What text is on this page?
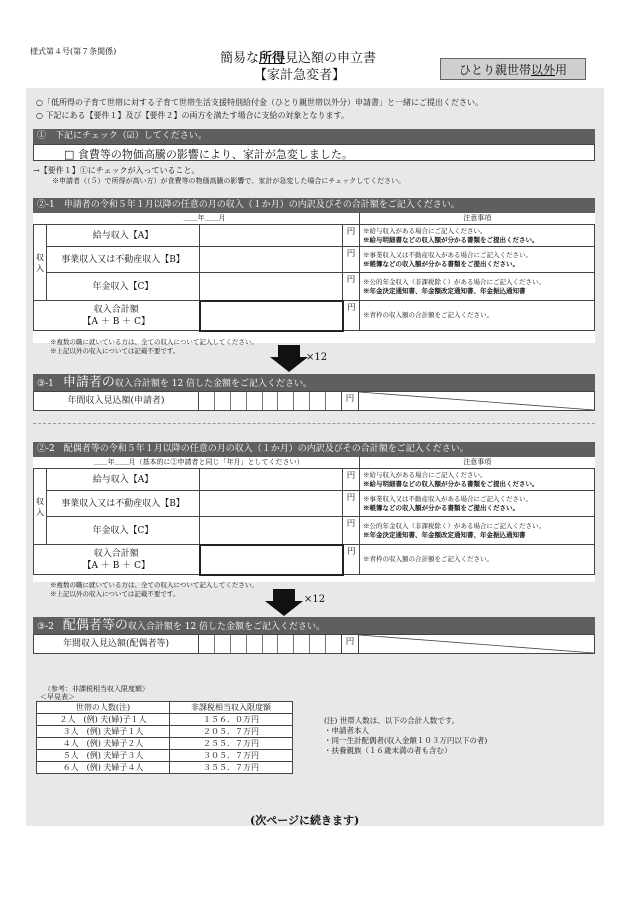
様式第４号(第７条関係)	簡易な所得見込額の申立書
【家計急変者】	ひとり親世帯以外用
○「低所得の子育て世帯に対する子育て世帯生活支援特別給付金（ひとり親世帯以外分）申請書」と一緒にご提出ください。
○ 下記にある【要件１】及び【要件２】の両方を満たす場合に支給の対象となります。
①　下記にチェック（☑）してください。
□ 食費等の物価高騰の影響により、家計が急変しました。
→【要件１】①にチェックが入っていること。
※申請者（（５）で所得が高い方）が食費等の物価高騰の影響で、家計が急変した場合にチェックしてください。
②-1　申請者の令和５年１月以降の任意の月の収入（１か月）の内訳及びその合計額をご記入ください。
＿＿年＿＿月				注意事項
収入	給与収入【A】		円	※給与収入がある場合にご記入ください。
※給与明細書などの収入額が分かる書類をご提出ください。

	事業収入又は不動産収入【B】		円	※事業収入又は不動産収入がある場合にご記入ください。
※帳簿などの収入額が分かる書類をご提出ください。

	年金収入【C】		円	※公的年金収入（非課税除く）がある場合にご記入ください。
※年金決定通知書、年金額改定通知書、年金振込通知書

収入合計額
【A ＋ B ＋ C】			円	※青枠の収入額の合計額をご記入ください。
※複数の職に就いている方は、全ての収入について記入してください。
※上記以外の収入については記載不要です。
×12
③-1　申請者の収入合計額を 12 倍した金額をご記入ください。
年間収入見込額(申請者)		円	
②-2　配偶者等の令和５年１月以降の任意の月の収入（１か月）の内訳及びその合計額をご記入ください。
＿＿年＿＿月（基本的に②申請者と同じ「年月」としてください）				注意事項
収入	給与収入【A】		円	※給与収入がある場合にご記入ください。
※給与明細書などの収入額が分かる書類をご提出ください。

	事業収入又は不動産収入【B】		円	※事業収入又は不動産収入がある場合にご記入ください。
※帳簿などの収入額が分かる書類をご提出ください。

	年金収入【C】		円	※公的年金収入（非課税除く）がある場合にご記入ください。
※年金決定通知書、年金額改定通知書、年金振込通知書

収入合計額
【A ＋ B ＋ C】			円	※青枠の収入額の合計額をご記入ください。
※複数の職に就いている方は、全ての収入について記入してください。
※上記以外の収入については記載不要です。	×12
③-2　配偶者等の収入合計額を 12 倍した金額をご記入ください。
年間収入見込額(配偶者等)		円	
（参考：非課税相当収入限度額）
＜早見表＞
世帯の人数(注)	非課税相当収入限度額
２人　(例) 夫(婦)子１人	１５６．０万円
３人　(例) 夫婦子１人	２０５．７万円
４人　(例) 夫婦子２人	２５５．７万円
５人　(例) 夫婦子３人	３０５．７万円
６人　(例) 夫婦子４人	３５５．７万円
(注) 世帯人数は、以下の合計人数です。
・申請者本人
・同一生計配偶者(収入金額１０３万円以下の者)
・扶養親族（１６歳未満の者も含む）
(次ページに続きます)
